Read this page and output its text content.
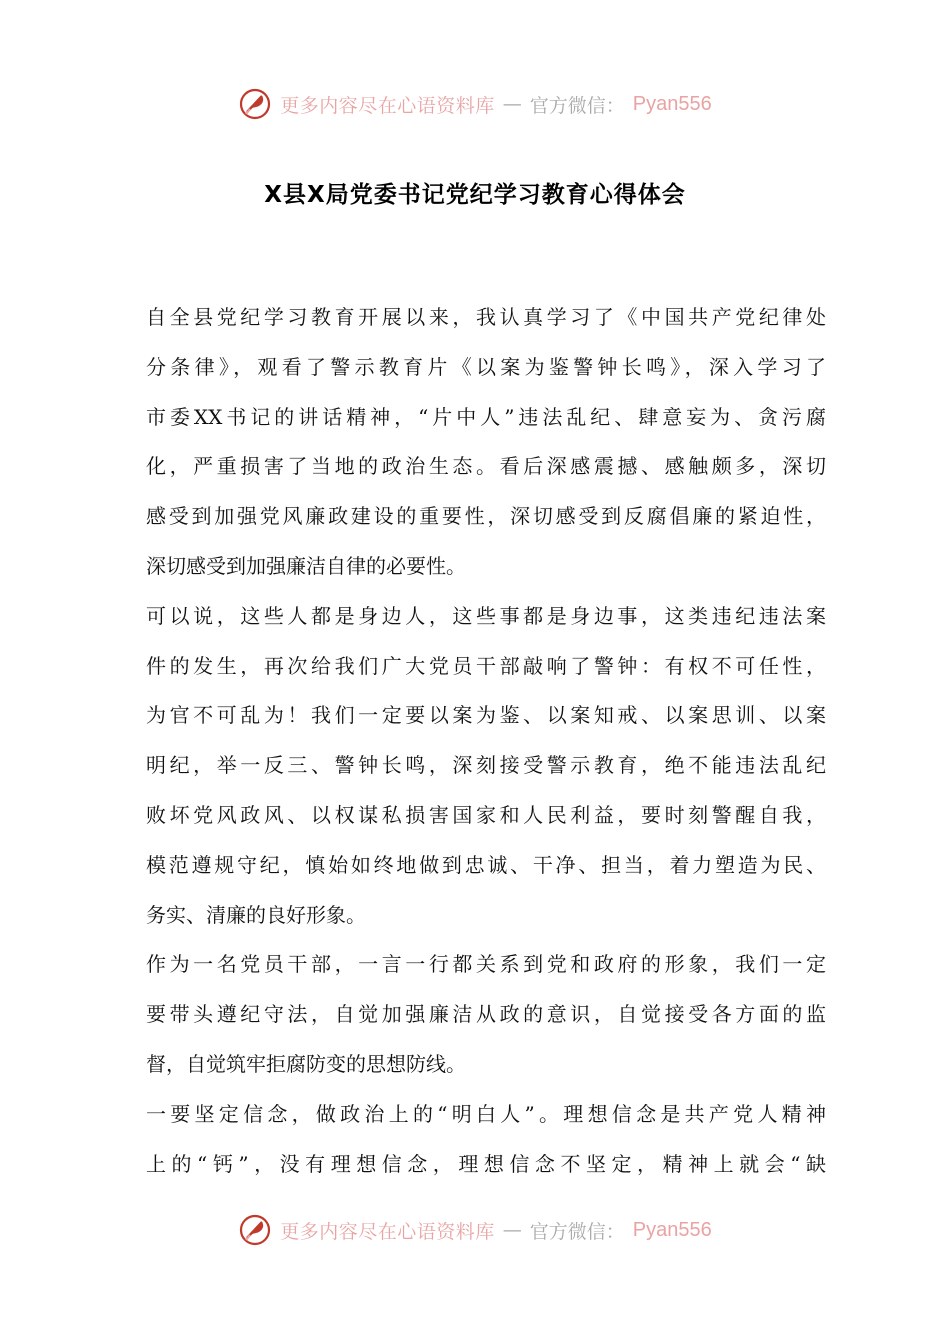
更多内容尽在心语资料库 — 官方微信： Pyan556
X县X局党委书记党纪学习教育心得体会
自全县党纪学习教育开展以来，我认真学习了《中国共产党纪律处
分条律》，观看了警示教育片《以案为鉴警钟长鸣》，深入学习了
市委XX书记的讲话精神，“片中人”违法乱纪、肆意妄为、贪污腐
化，严重损害了当地的政治生态。看后深感震撼、感触颇多，深切
感受到加强党风廉政建设的重要性，深切感受到反腐倡廉的紧迫性，
深切感受到加强廉洁自律的必要性。
可以说，这些人都是身边人，这些事都是身边事，这类违纪违法案
件的发生，再次给我们广大党员干部敲响了警钟：有权不可任性，
为官不可乱为！我们一定要以案为鉴、以案知戒、以案思训、以案
明纪，举一反三、警钟长鸣，深刻接受警示教育，绝不能违法乱纪
败坏党风政风、以权谋私损害国家和人民利益，要时刻警醒自我，
模范遵规守纪，慎始如终地做到忠诚、干净、担当，着力塑造为民、
务实、清廉的良好形象。
作为一名党员干部，一言一行都关系到党和政府的形象，我们一定
要带头遵纪守法，自觉加强廉洁从政的意识，自觉接受各方面的监
督，自觉筑牢拒腐防变的思想防线。
一要坚定信念，做政治上的“明白人”。理想信念是共产党人精神
上的“钙”，没有理想信念，理想信念不坚定，精神上就会“缺
更多内容尽在心语资料库 — 官方微信： Pyan556
